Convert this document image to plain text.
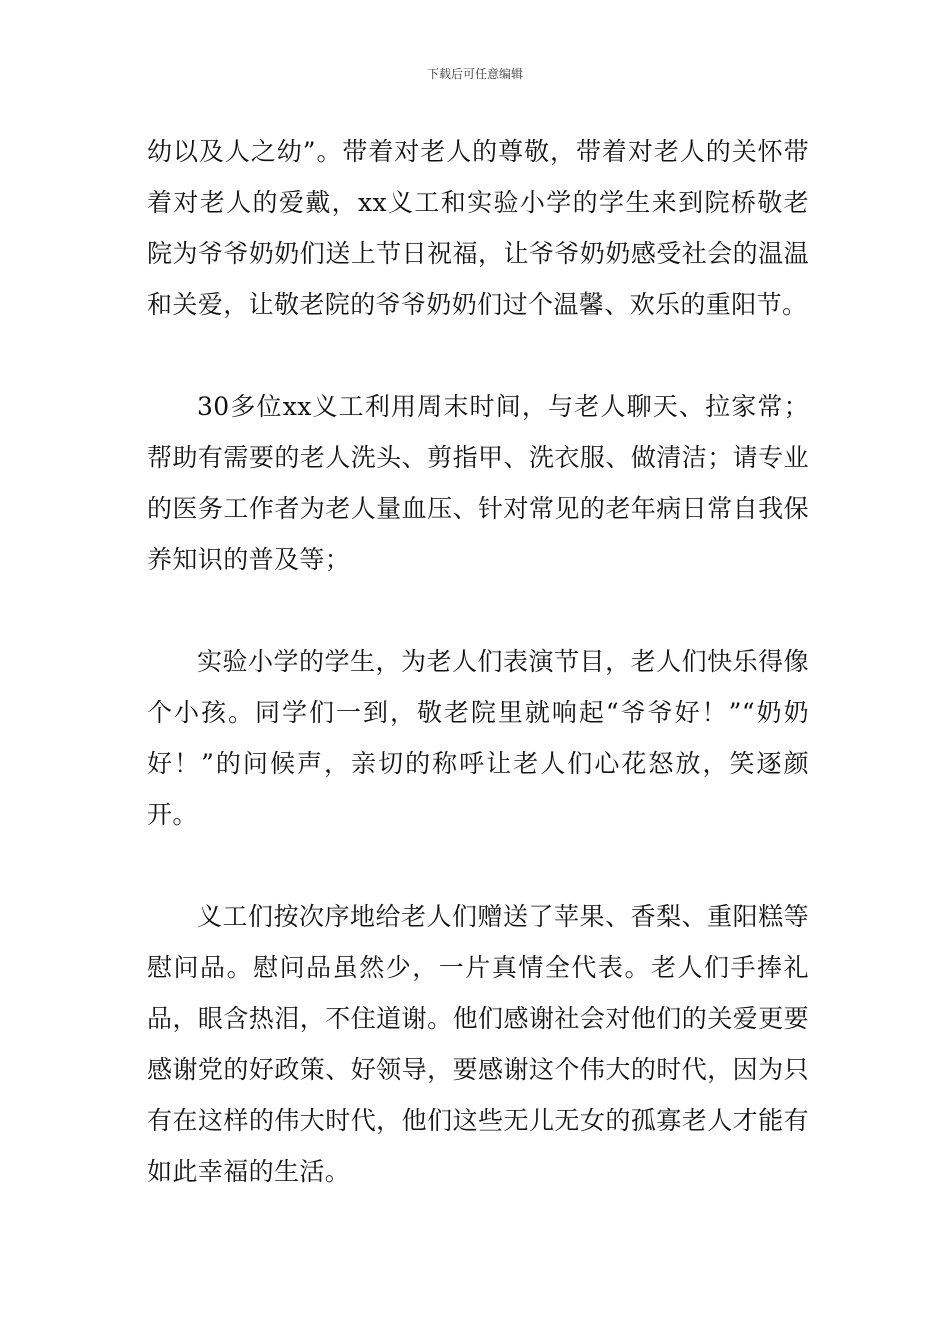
下载后可任意编辑

幼以及人之幼”。带着对老人的尊敬，带着对老人的关怀带着对老人的爱戴，xx义工和实验小学的学生来到院桥敬老院为爷爷奶奶们送上节日祝福，让爷爷奶奶感受社会的温温和关爱，让敬老院的爷爷奶奶们过个温馨、欢乐的重阳节。

30多位xx义工利用周末时间，与老人聊天、拉家常；帮助有需要的老人洗头、剪指甲、洗衣服、做清洁；请专业的医务工作者为老人量血压、针对常见的老年病日常自我保养知识的普及等；

实验小学的学生，为老人们表演节目，老人们快乐得像个小孩。同学们一到，敬老院里就响起“爷爷好！”“奶奶好！”的问候声，亲切的称呼让老人们心花怒放，笑逐颜开。

义工们按次序地给老人们赠送了苹果、香梨、重阳糕等慰问品。慰问品虽然少，一片真情全代表。老人们手捧礼品，眼含热泪，不住道谢。他们感谢社会对他们的关爱更要感谢党的好政策、好领导，要感谢这个伟大的时代，因为只有在这样的伟大时代，他们这些无儿无女的孤寡老人才能有如此幸福的生活。
